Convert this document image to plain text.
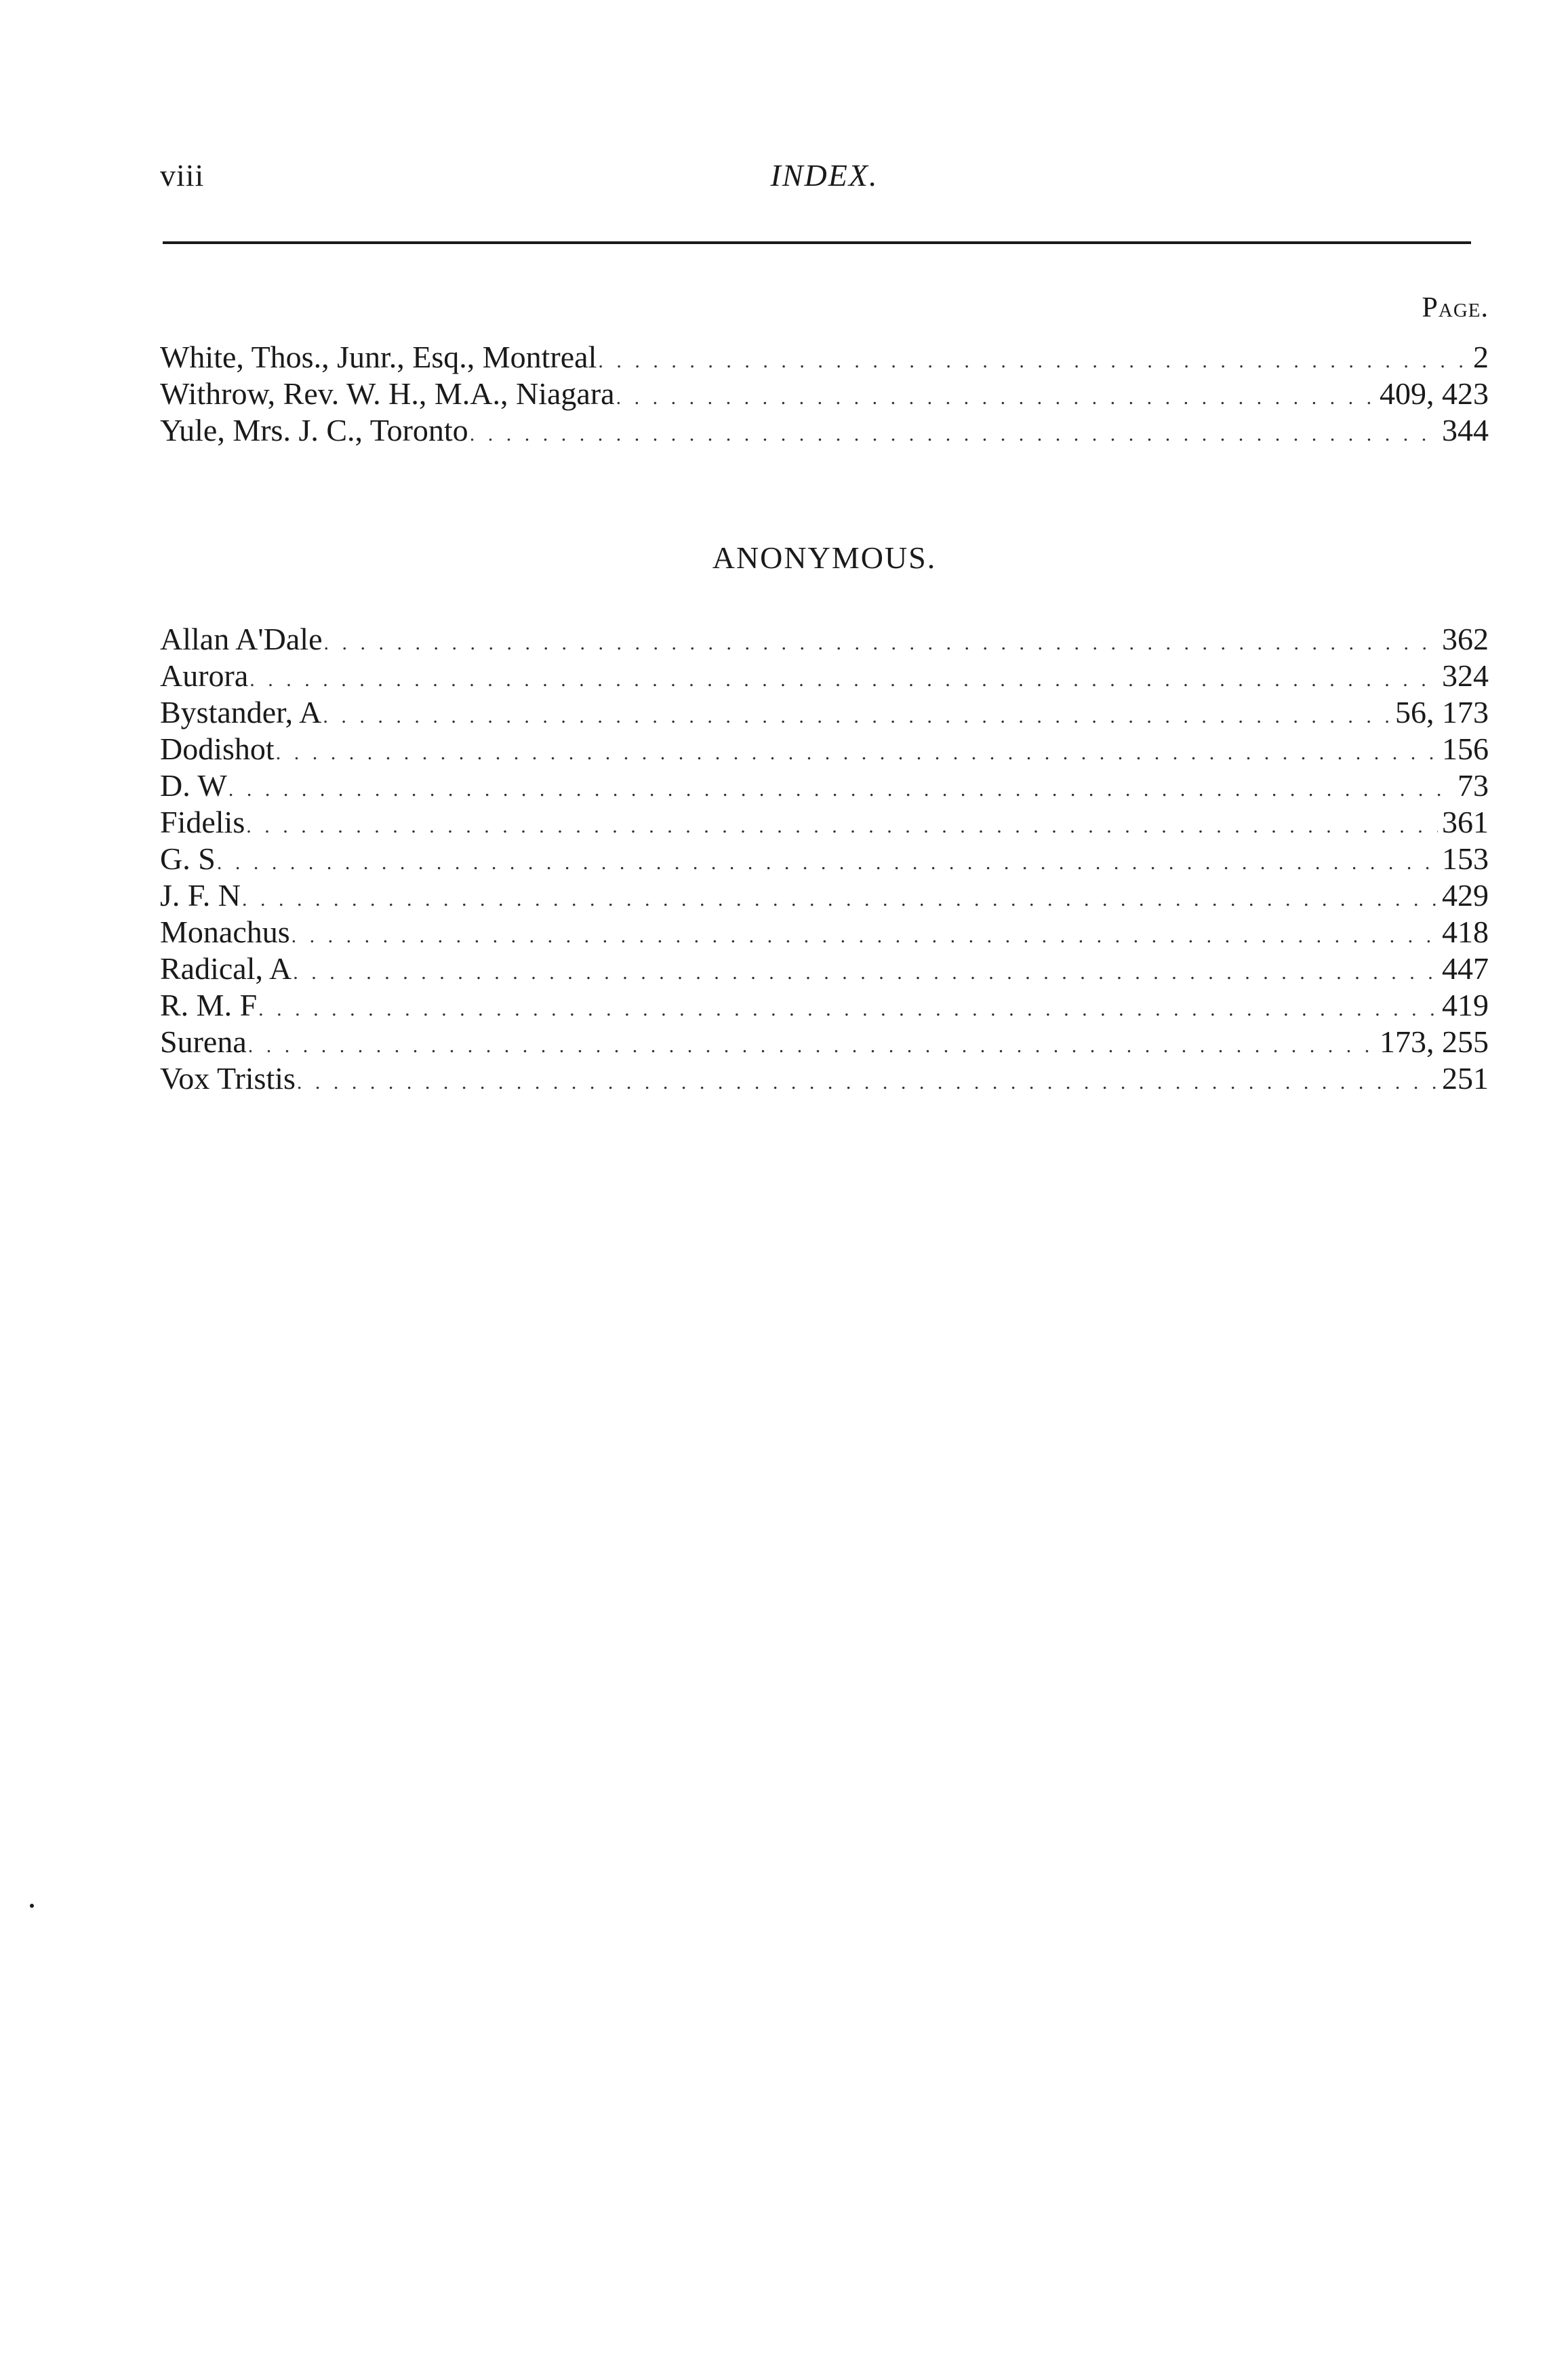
viii	INDEX.
Page.
White, Thos., Junr., Esq., Montreal . . .	2
Withrow, Rev. W. H., M.A., Niagara . . .	409, 423
Yule, Mrs. J. C., Toronto . . .	344
ANONYMOUS.
Allan A'Dale . . .	362
Aurora . . .	324
Bystander, A . . .	56, 173
Dodishot . . .	156
D. W . . .	73
Fidelis . . .	361
G. S . . .	153
J. F. N . . .	429
Monachus . . .	418
Radical, A . . .	447
R. M. F . . .	419
Surena . . .	173, 255
Vox Tristis . . .	251
